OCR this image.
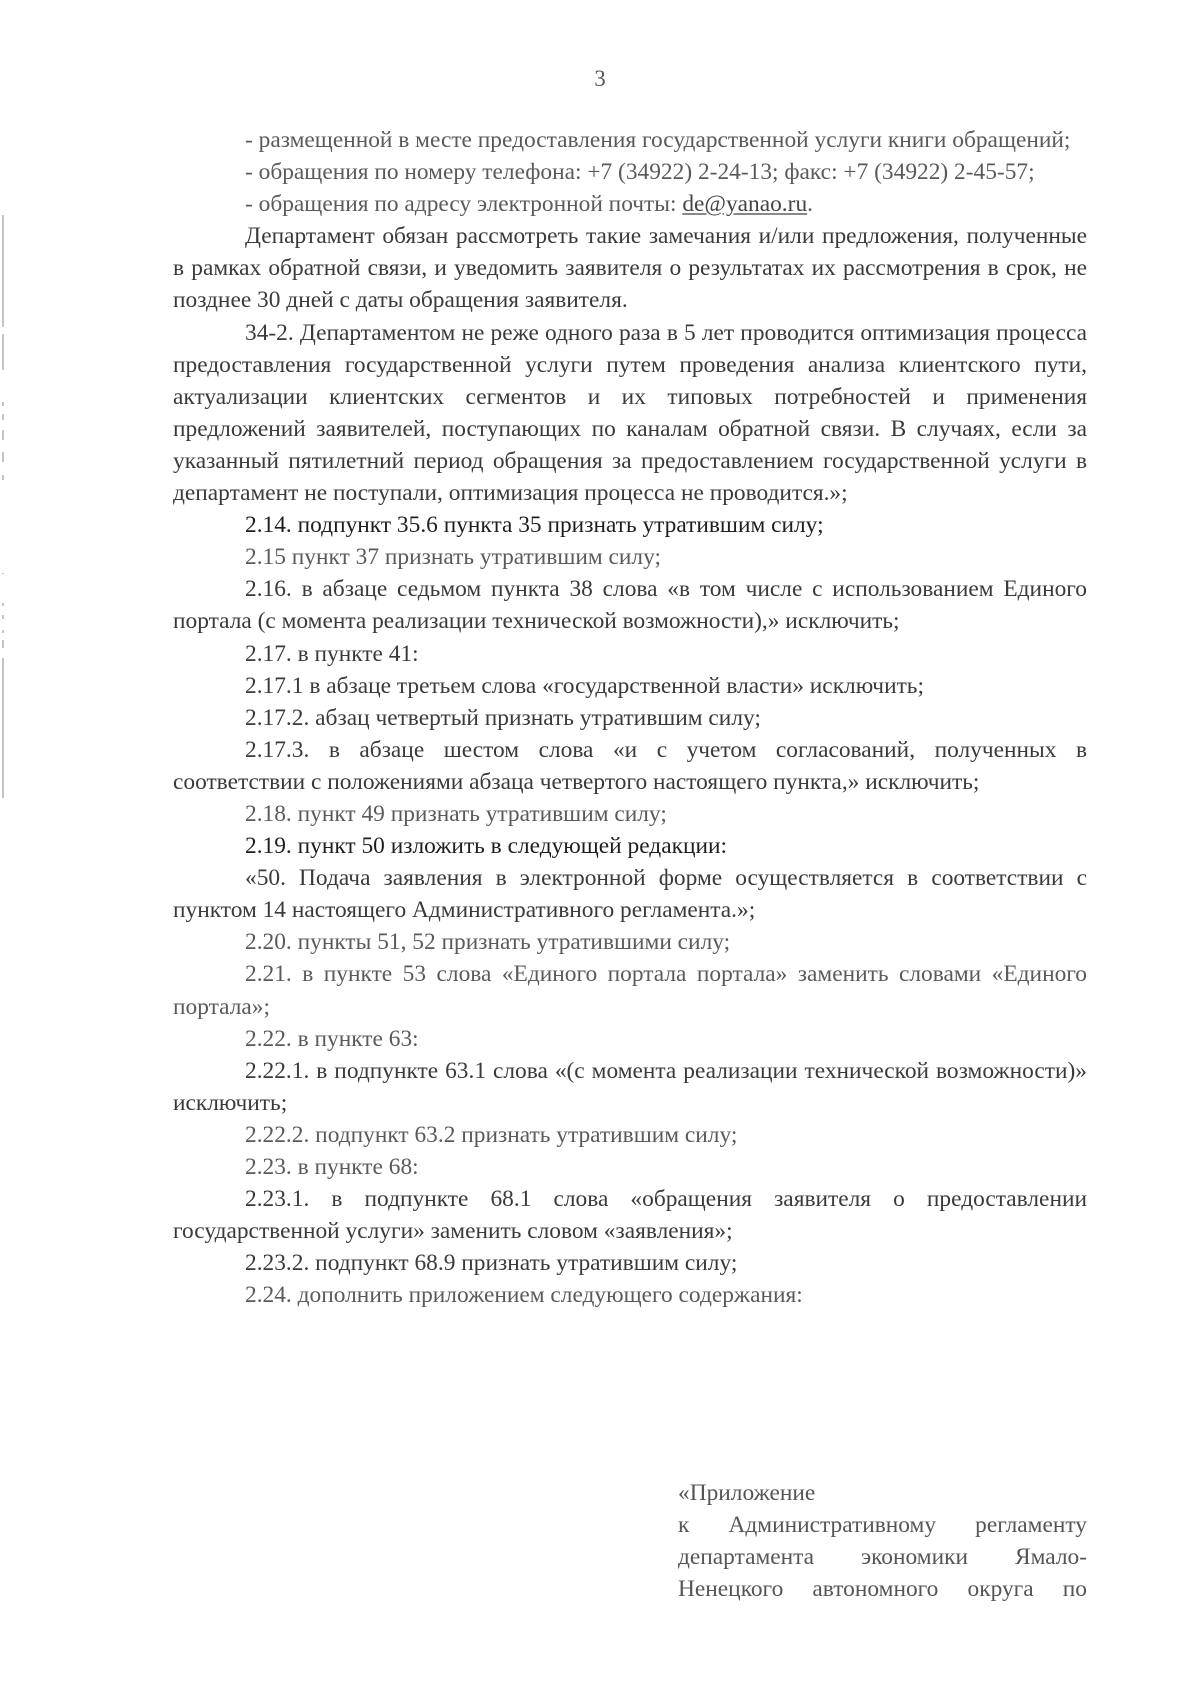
3

- размещенной в месте предоставления государственной услуги книги обращений;

- обращения по номеру телефона: +7 (34922) 2-24-13; факс: +7 (34922) 2-45-57;

- обращения по адресу электронной почты: de@yanao.ru.

Департамент обязан рассмотреть такие замечания и/или предложения, полученные в рамках обратной связи, и уведомить заявителя о результатах их рассмотрения в срок, не позднее 30 дней с даты обращения заявителя.

34-2. Департаментом не реже одного раза в 5 лет проводится оптимизация процесса предоставления государственной услуги путем проведения анализа клиентского пути, актуализации клиентских сегментов и их типовых потребностей и применения предложений заявителей, поступающих по каналам обратной связи. В случаях, если за указанный пятилетний период обращения за предоставлением государственной услуги в департамент не поступали, оптимизация процесса не проводится.»;

2.14. подпункт 35.6 пункта 35 признать утратившим силу;

2.15 пункт 37 признать утратившим силу;

2.16. в абзаце седьмом пункта 38 слова «в том числе с использованием Единого портала (с момента реализации технической возможности),» исключить;

2.17. в пункте 41:

2.17.1 в абзаце третьем слова «государственной власти» исключить;

2.17.2. абзац четвертый признать утратившим силу;

2.17.3. в абзаце шестом слова «и с учетом согласований, полученных в соответствии с положениями абзаца четвертого настоящего пункта,» исключить;

2.18. пункт 49 признать утратившим силу;

2.19. пункт 50 изложить в следующей редакции:

«50. Подача заявления в электронной форме осуществляется в соответствии с пунктом 14 настоящего Административного регламента.»;

2.20. пункты 51, 52 признать утратившими силу;

2.21. в пункте 53 слова «Единого портала портала» заменить словами «Единого портала»;

2.22. в пункте 63:

2.22.1. в подпункте 63.1 слова «(с момента реализации технической возможности)» исключить;

2.22.2. подпункт 63.2 признать утратившим силу;

2.23. в пункте 68:

2.23.1. в подпункте 68.1 слова «обращения заявителя о предоставлении государственной услуги» заменить словом «заявления»;

2.23.2. подпункт 68.9 признать утратившим силу;

2.24. дополнить приложением следующего содержания:

«Приложение

к Административному регламенту

департамента экономики Ямало-

Ненецкого автономного округа по
